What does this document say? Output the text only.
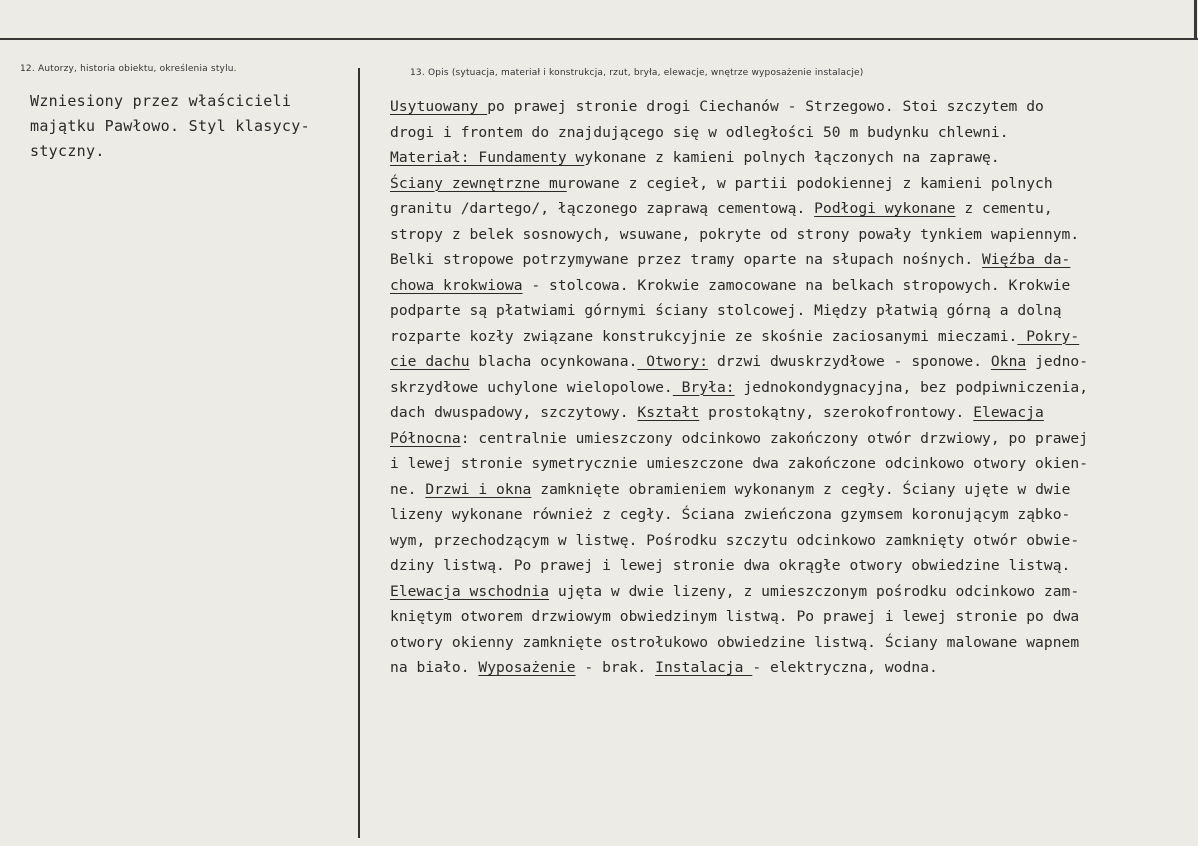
12. Autorzy, historia obiektu, określenia stylu.	13. Opis (sytuacja, materiał i konstrukcja, rzut, bryła, elewacje, wnętrze wyposażenie instalacje)
Wzniesiony przez właścicieli
majątku Pawłowo. Styl klasycy-
styczny.
Usytuowany po prawej stronie drogi Ciechanów - Strzegowo. Stoi szczytem do
drogi i frontem do znajdującego się w odległości 50 m budynku chlewni.
Materiał: Fundamenty wykonane z kamieni polnych łączonych na zaprawę.
Ściany zewnętrzne murowane z cegieł, w partii podokiennej z kamieni polnych
granitu /dartego/, łączonego zaprawą cementową. Podłogi wykonane z cementu,
stropy z belek sosnowych, wsuwane, pokryte od strony powały tynkiem wapiennym.
Belki stropowe potrzymywane przez tramy oparte na słupach nośnych. Więźba da-
chowa krokwiowa - stolcowa. Krokwie zamocowane na belkach stropowych. Krokwie
podparte są płatwiami górnymi ściany stolcowej. Między płatwią górną a dolną
rozparte kozły związane konstrukcyjnie ze skośnie zaciosanymi mieczami. Pokry-
cie dachu blacha ocynkowana. Otwory: drzwi dwuskrzydłowe - sponowe. Okna jedno-
skrzydłowe uchylone wielopolowe. Bryła: jednokondygnacyjna, bez podpiwniczenia,
dach dwuspadowy, szczytowy. Kształt prostokątny, szerokofrontowy. Elewacja
Północna: centralnie umieszczony odcinkowo zakończony otwór drzwiowy, po prawej
i lewej stronie symetrycznie umieszczone dwa zakończone odcinkowo otwory okien-
ne. Drzwi i okna zamknięte obramieniem wykonanym z cegły. Ściany ujęte w dwie
lizeny wykonane również z cegły. Ściana zwieńczona gzymsem koronującym ząbko-
wym, przechodzącym w listwę. Pośrodku szczytu odcinkowo zamknięty otwór obwie-
dziny listwą. Po prawej i lewej stronie dwa okrągłe otwory obwiedzine listwą.
Elewacja wschodnia ujęta w dwie lizeny, z umieszczonym pośrodku odcinkowo zam-
kniętym otworem drzwiowym obwiedzinym listwą. Po prawej i lewej stronie po dwa
otwory okienny zamknięte ostrołukowo obwiedzine listwą. Ściany malowane wapnem
na biało. Wyposażenie - brak. Instalacja - elektryczna, wodna.
